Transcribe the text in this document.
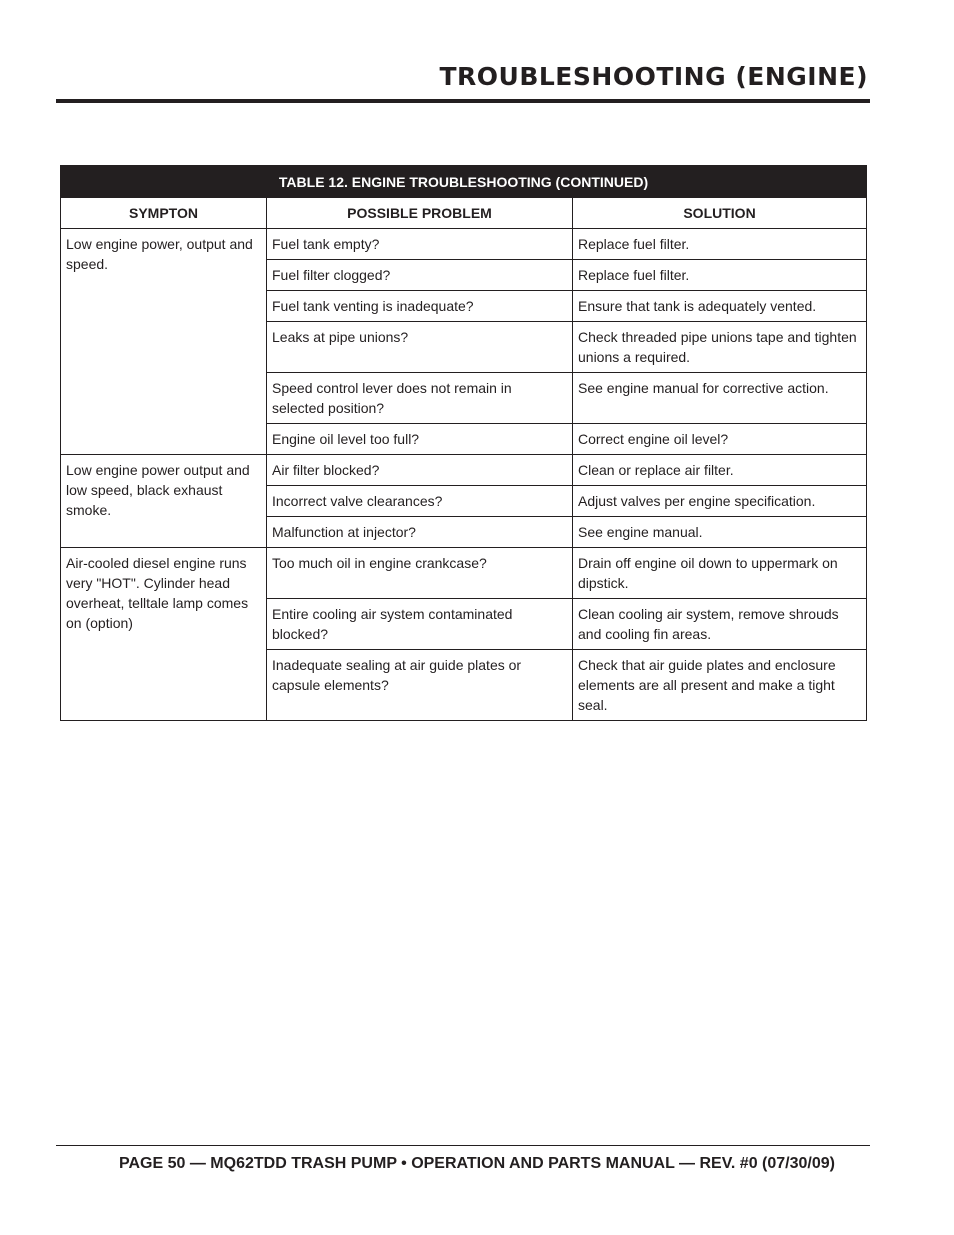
TROUBLESHOOTING (ENGINE)
TABLE 12. ENGINE TROUBLESHOOTING (CONTINUED)		
SYMPTON	POSSIBLE PROBLEM	SOLUTION
Low engine power, output and speed.	Fuel tank empty?	Replace fuel filter.
	Fuel filter clogged?	Replace fuel filter.
	Fuel tank venting is inadequate?	Ensure that tank is adequately vented.
	Leaks at pipe unions?	Check threaded pipe unions tape and tighten unions a required.
	Speed control lever does not remain in selected position?	See engine manual for corrective action.
	Engine oil level too full?	Correct engine oil level?
Low engine power output and low speed, black exhaust smoke.	Air filter blocked?	Clean or replace air filter.
	Incorrect valve clearances?	Adjust valves per engine specification.
	Malfunction at injector?	See engine manual.
Air-cooled diesel engine runs very "HOT". Cylinder head overheat, telltale lamp comes on (option)	Too much oil in engine crankcase?	Drain off engine oil down to uppermark on dipstick.
	Entire cooling air system contaminated blocked?	Clean cooling air system, remove shrouds and cooling fin areas.
	Inadequate sealing at air guide plates or capsule elements?	Check that air guide plates and enclosure elements are all present and make a tight seal.
PAGE 50 — MQ62TDD TRASH PUMP • OPERATION AND PARTS MANUAL — REV. #0 (07/30/09)
